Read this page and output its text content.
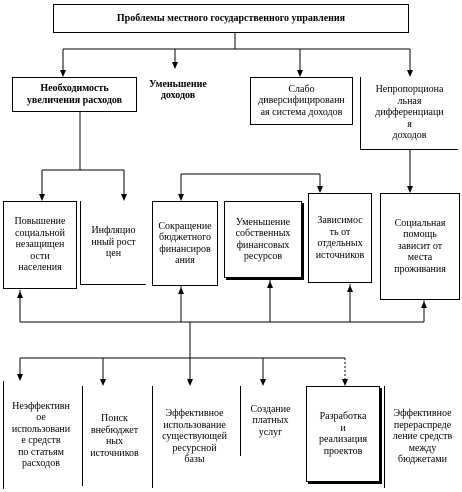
Проблемы местного государственного управления
Необходимость
увеличения расходов
Уменьшение
доходов
Слабо
диверсифицированн
ая система доходов
Непропорциона
льная
дифференциаци
я
доходов
Повышение
социальной
незащищен
ости
населения
Инфляцио
нный рост
цен
Сокращение
бюджетного
финансиров
ания
Уменьшение
собственных
финансовых
ресурсов
Зависимос
ть от
отдельных
источников
Социальная
помощь
зависит от
места
проживания
Неэффективн
ое
использовани
е средств
по статьям
расходов
Поиск
внебюджет
ных
источников
Эффективное
использование
существующей
ресурсной
базы
Создание
платных
услуг
Разработка
и
реализация
проектов
Эффективное
перераспреде
ление средств
между
бюджетами
